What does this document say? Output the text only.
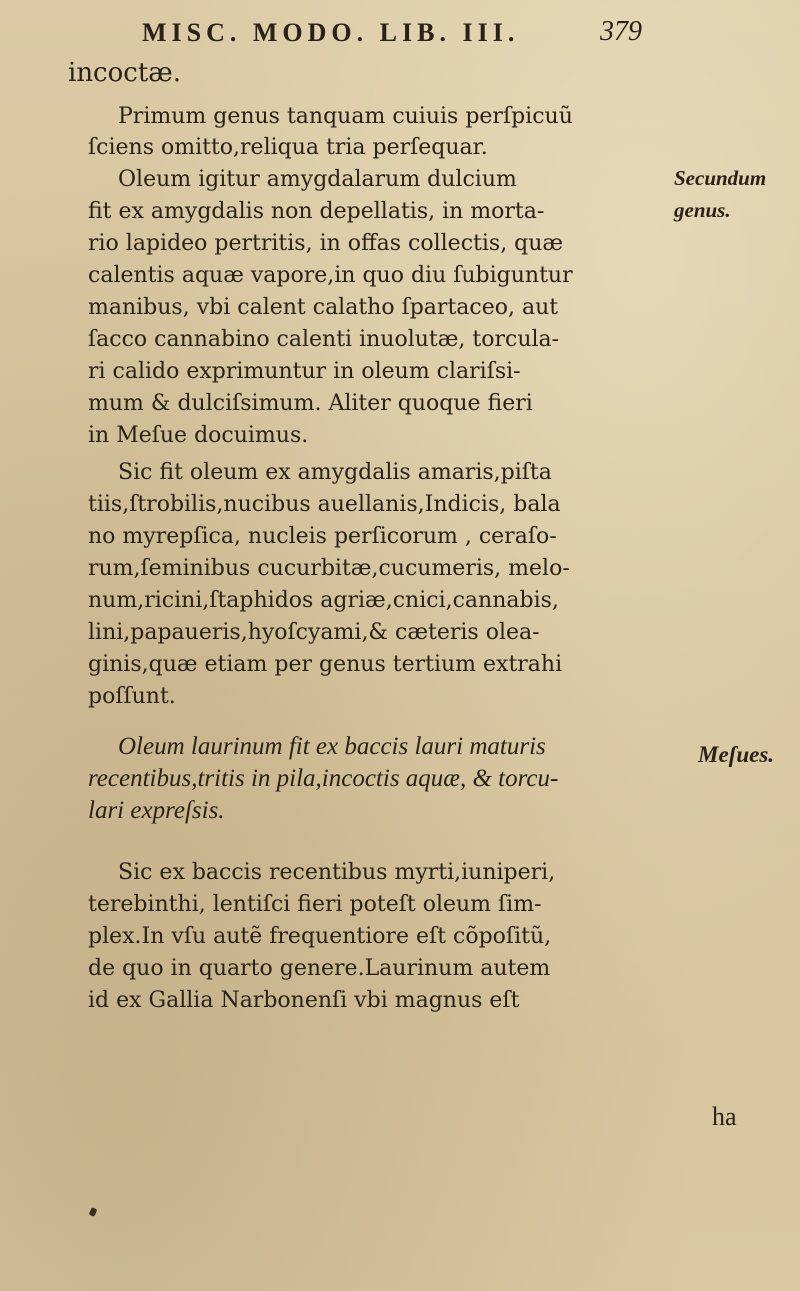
MISC. MODO. LIB. III.	379
incoctæ.
Primum genus tanquam cuiuis perſpicuũ
ſciens omitto,reliqua tria perſequar.
Oleum igitur amygdalarum dulcium
fit ex amygdalis non depellatis, in morta-
rio lapideo pertritis, in offas collectis, quæ
calentis aquæ vapore,in quo diu ſubiguntur
manibus, vbi calent calatho ſpartaceo, aut
ſacco cannabino calenti inuolutæ, torcula-
ri calido exprimuntur in oleum clariſsi-
mum & dulciſsimum. Aliter quoque fieri
in Meſue docuimus.
Sic fit oleum ex amygdalis amaris,piſta
tiis,ſtrobilis,nucibus auellanis,Indicis, bala
no myrepſica, nucleis perſicorum , ceraſo-
rum,ſeminibus cucurbitæ,cucumeris, melo-
num,ricini,ſtaphidos agriæ,cnici,cannabis,
lini,papaueris,hyoſcyami,& cæteris olea-
ginis,quæ etiam per genus tertium extrahi
poſſunt.
Oleum laurinum fit ex baccis lauri maturis
recentibus,tritis in pila,incoctis aquæ, & torcu-
lari expreſsis.
Sic ex baccis recentibus myrti,iuniperi,
terebinthi, lentiſci fieri poteſt oleum ſim-
plex.In vſu autẽ frequentiore eſt cõpoſitũ,
de quo in quarto genere.Laurinum autem
id ex Gallia Narbonenſi vbi magnus eſt
Secundum
genus.
Meſues.
ha
